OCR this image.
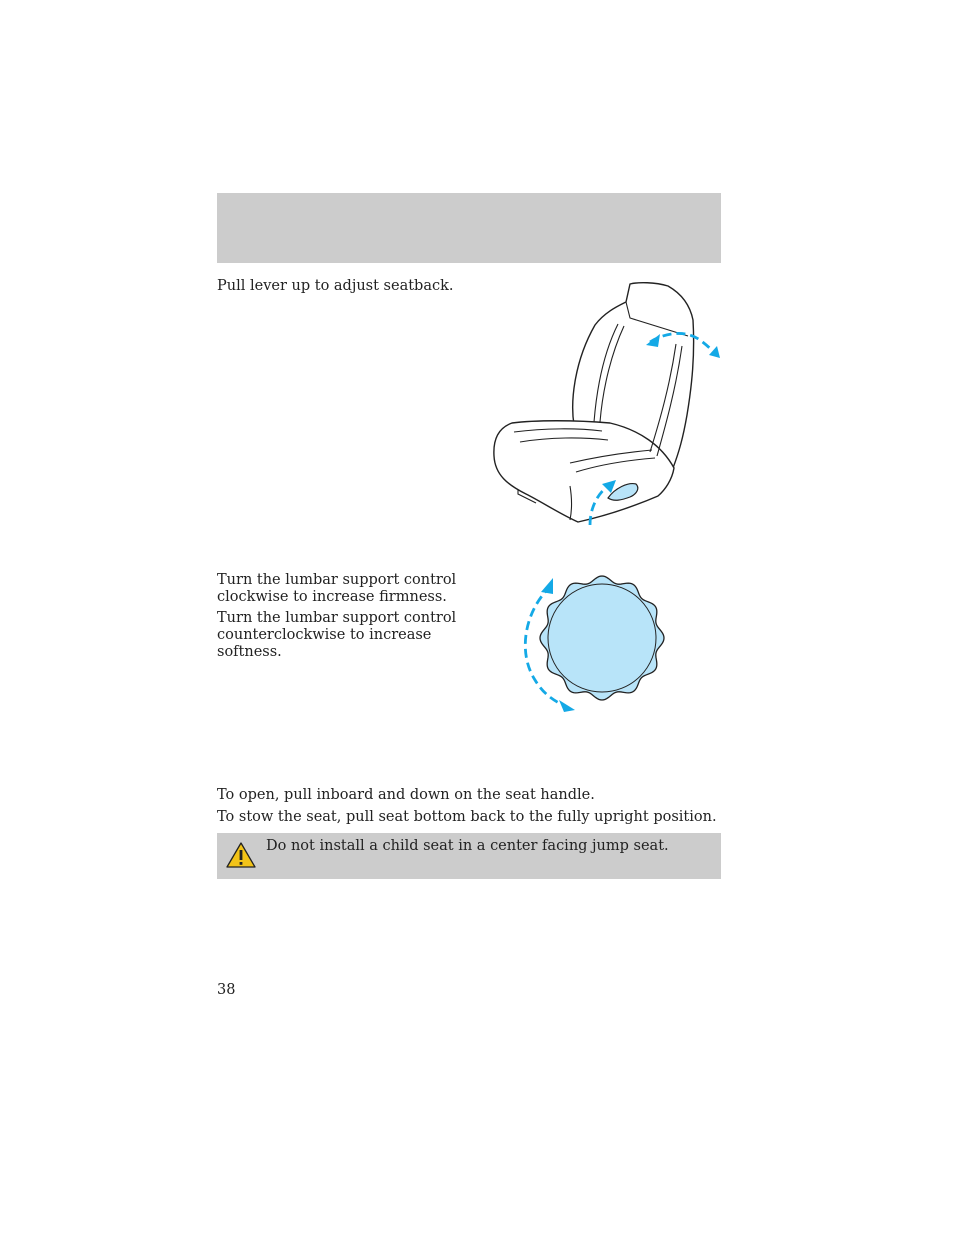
Pull lever up to adjust seatback.

Turn the lumbar support control clockwise to increase firmness.

Turn the lumbar support control counterclockwise to increase softness.

To open, pull inboard and down on the seat handle.

To stow the seat, pull seat bottom back to the fully upright position.

Do not install a child seat in a center facing jump seat.

38
